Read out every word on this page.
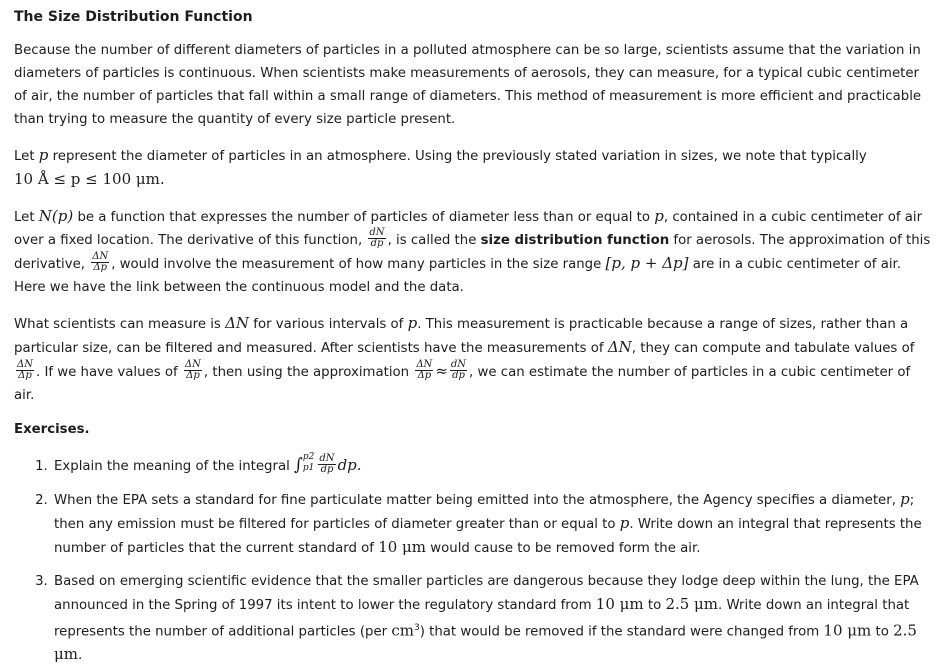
The Size Distribution Function

Because the number of different diameters of particles in a polluted atmosphere can be so large, scientists assume that the variation in diameters of particles is continuous. When scientists make measurements of aerosols, they can measure, for a typical cubic centimeter of air, the number of particles that fall within a small range of diameters. This method of measurement is more efficient and practicable than trying to measure the quantity of every size particle present.

Let p represent the diameter of particles in an atmosphere. Using the previously stated variation in sizes, we note that typically
10 Å ≤ p ≤ 100 μm.

Let N(p) be a function that expresses the number of particles of diameter less than or equal to p, contained in a cubic centimeter of air over a fixed location. The derivative of this function, $\frac{dN}{dp}$ , is called the size distribution function for aerosols. The approximation of this derivative, $\frac{\Delta N}{\Delta p}$ , would involve the measurement of how many particles in the size range [p, p + Δp] are in a cubic centimeter of air. Here we have the link between the continuous model and the data.

What scientists can measure is ΔN for various intervals of p. This measurement is practicable because a range of sizes, rather than a particular size, can be filtered and measured. After scientists have the measurements of ΔN, they can compute and tabulate values of
$\frac{\Delta N}{\Delta p}$ . If we have values of $\frac{\Delta N}{\Delta p}$ , then using the approximation $\frac{\Delta N}{\Delta p} \approx \frac{dN}{dp}$ , we can estimate the number of particles in a cubic centimeter of air.

Exercises.
1. Explain the meaning of the integral ∫ p2
$p1 \frac{dN}{dp}$ dp.
2. When the EPA sets a standard for fine particulate matter being emitted into the atmosphere, the Agency specifies a diameter, p; then any emission must be filtered for particles of diameter greater than or equal to p. Write down an integral that represents the number of particles that the current standard of 10 μm would cause to be removed form the air.
3. Based on emerging scientific evidence that the smaller particles are dangerous because they lodge deep within the lung, the EPA announced in the Spring of 1997 its intent to lower the regulatory standard from 10 μm to 2.5 μm. Write down an integral that represents the number of additional particles (per $cm^3$) that would be removed if the standard were changed from 10 μm to 2.5 μm.
